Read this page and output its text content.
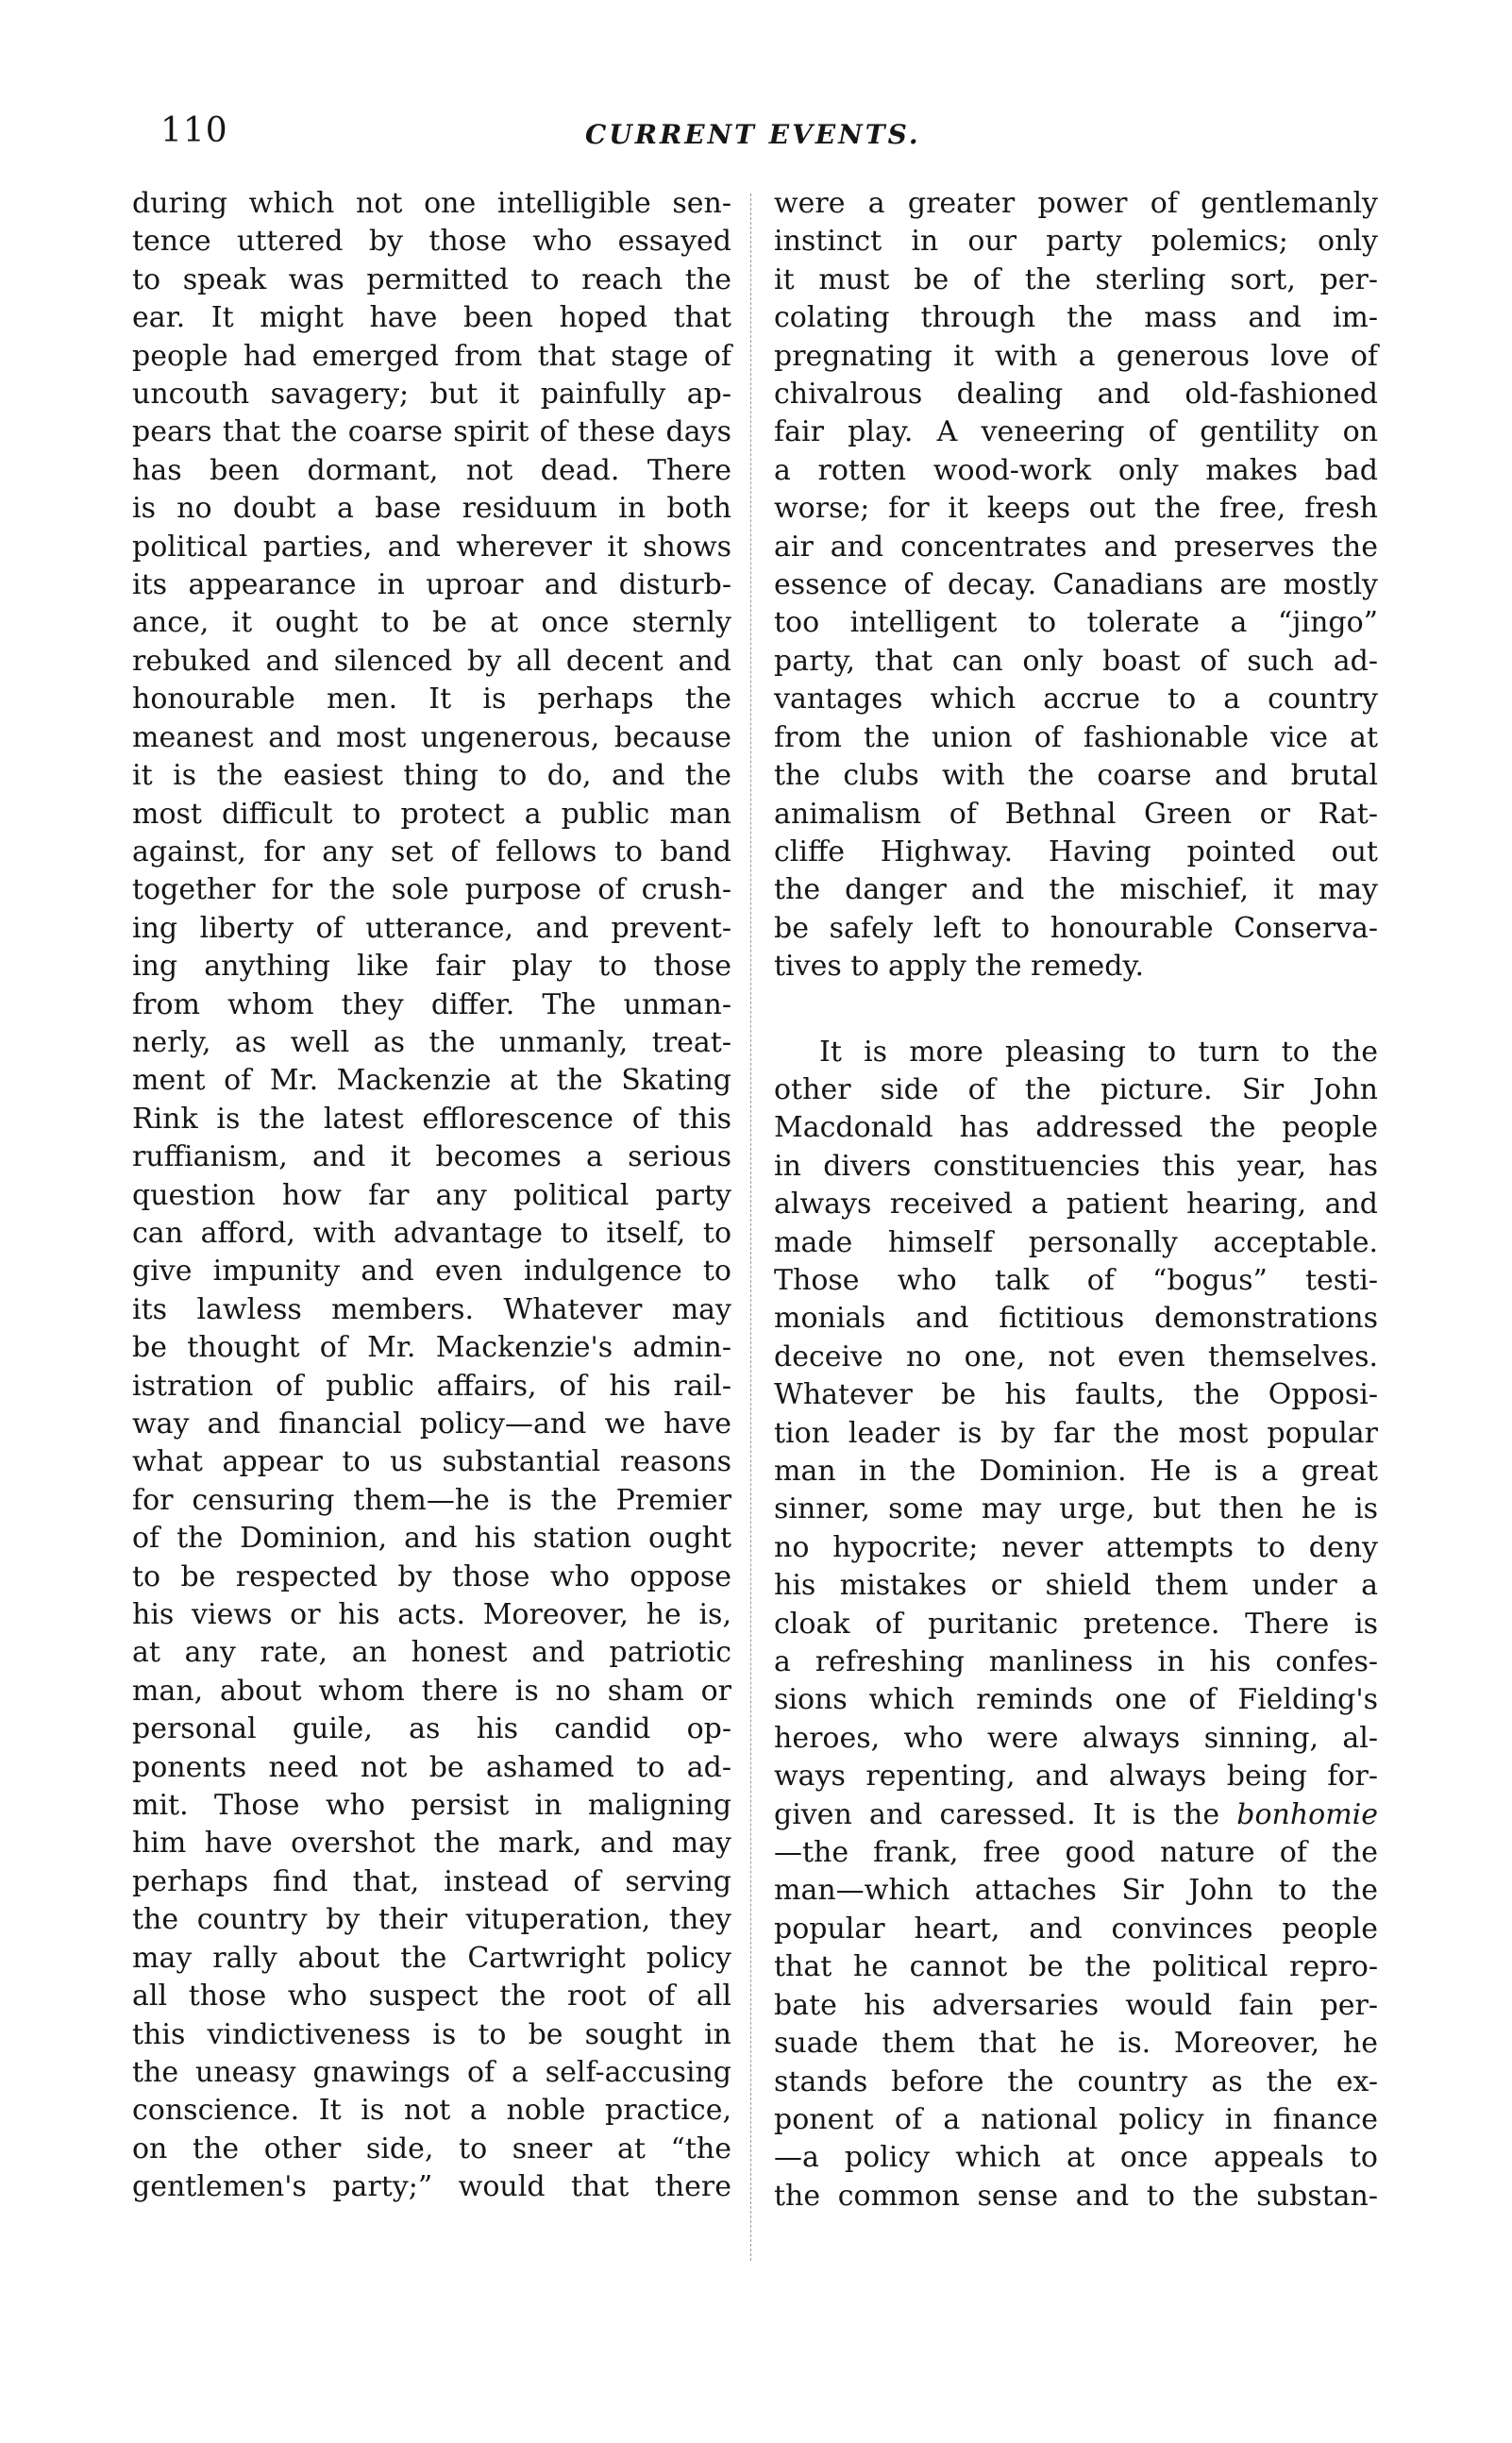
110	CURRENT EVENTS.
during which not one intelligible sen-
tence uttered by those who essayed
to speak was permitted to reach the
ear. It might have been hoped that
people had emerged from that stage of
uncouth savagery; but it painfully ap-
pears that the coarse spirit of these days
has been dormant, not dead. There
is no doubt a base residuum in both
political parties, and wherever it shows
its appearance in uproar and disturb-
ance, it ought to be at once sternly
rebuked and silenced by all decent and
honourable men. It is perhaps the
meanest and most ungenerous, because
it is the easiest thing to do, and the
most difficult to protect a public man
against, for any set of fellows to band
together for the sole purpose of crush-
ing liberty of utterance, and prevent-
ing anything like fair play to those
from whom they differ. The unman-
nerly, as well as the unmanly, treat-
ment of Mr. Mackenzie at the Skating
Rink is the latest efflorescence of this
ruffianism, and it becomes a serious
question how far any political party
can afford, with advantage to itself, to
give impunity and even indulgence to
its lawless members. Whatever may
be thought of Mr. Mackenzie's admin-
istration of public affairs, of his rail-
way and financial policy—and we have
what appear to us substantial reasons
for censuring them—he is the Premier
of the Dominion, and his station ought
to be respected by those who oppose
his views or his acts. Moreover, he is,
at any rate, an honest and patriotic
man, about whom there is no sham or
personal guile, as his candid op-
ponents need not be ashamed to ad-
mit. Those who persist in maligning
him have overshot the mark, and may
perhaps find that, instead of serving
the country by their vituperation, they
may rally about the Cartwright policy
all those who suspect the root of all
this vindictiveness is to be sought in
the uneasy gnawings of a self-accusing
conscience. It is not a noble practice,
on the other side, to sneer at “the
gentlemen's party;” would that there
were a greater power of gentlemanly
instinct in our party polemics; only
it must be of the sterling sort, per-
colating through the mass and im-
pregnating it with a generous love of
chivalrous dealing and old-fashioned
fair play. A veneering of gentility on
a rotten wood-work only makes bad
worse; for it keeps out the free, fresh
air and concentrates and preserves the
essence of decay. Canadians are mostly
too intelligent to tolerate a “jingo”
party, that can only boast of such ad-
vantages which accrue to a country
from the union of fashionable vice at
the clubs with the coarse and brutal
animalism of Bethnal Green or Rat-
cliffe Highway. Having pointed out
the danger and the mischief, it may
be safely left to honourable Conserva-
tives to apply the remedy.
It is more pleasing to turn to the
other side of the picture. Sir John
Macdonald has addressed the people
in divers constituencies this year, has
always received a patient hearing, and
made himself personally acceptable.
Those who talk of “bogus” testi-
monials and fictitious demonstrations
deceive no one, not even themselves.
Whatever be his faults, the Opposi-
tion leader is by far the most popular
man in the Dominion. He is a great
sinner, some may urge, but then he is
no hypocrite; never attempts to deny
his mistakes or shield them under a
cloak of puritanic pretence. There is
a refreshing manliness in his confes-
sions which reminds one of Fielding's
heroes, who were always sinning, al-
ways repenting, and always being for-
given and caressed. It is the bonhomie
—the frank, free good nature of the
man—which attaches Sir John to the
popular heart, and convinces people
that he cannot be the political repro-
bate his adversaries would fain per-
suade them that he is. Moreover, he
stands before the country as the ex-
ponent of a national policy in finance
—a policy which at once appeals to
the common sense and to the substan-
